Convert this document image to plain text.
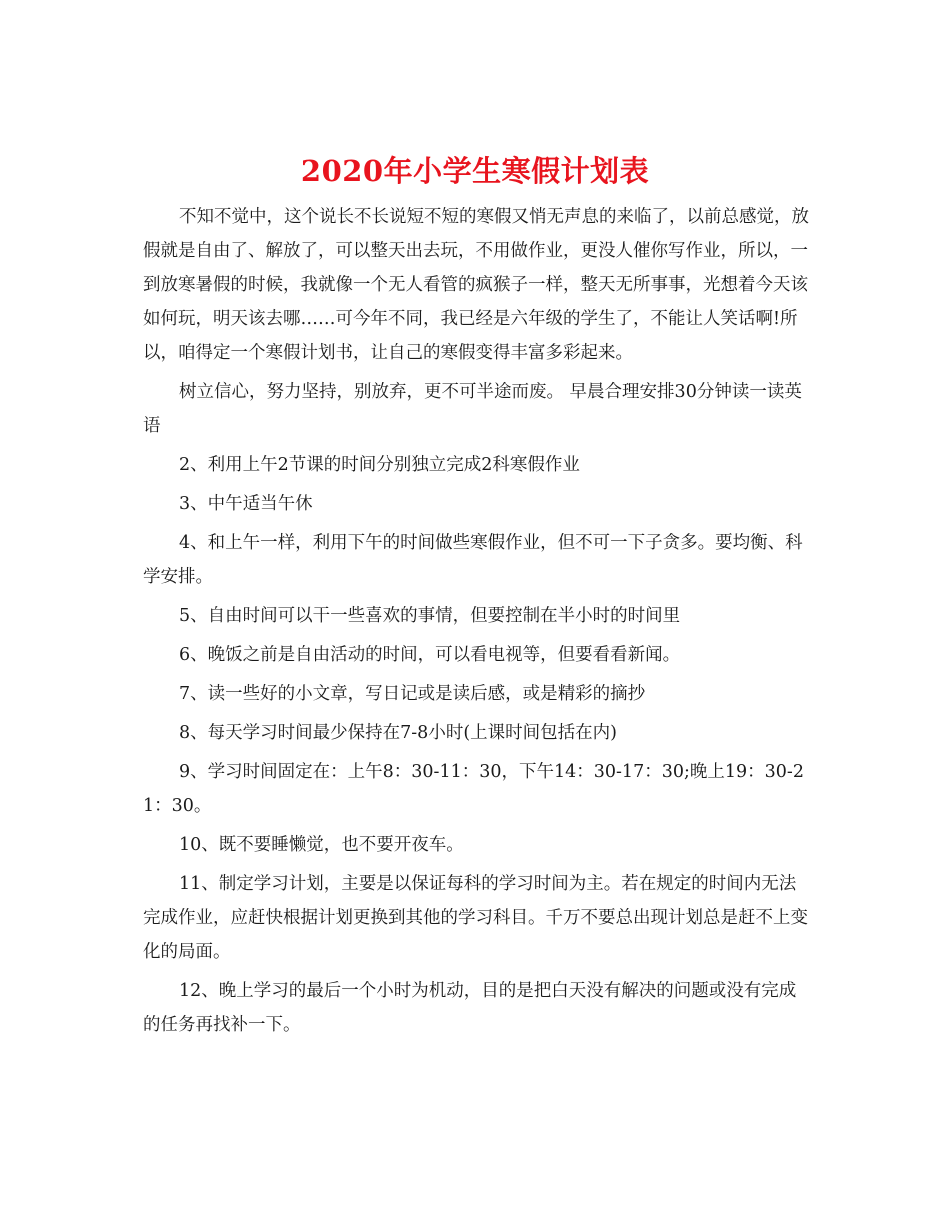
2020年小学生寒假计划表

不知不觉中，这个说长不长说短不短的寒假又悄无声息的来临了，以前总感觉，放假就是自由了、解放了，可以整天出去玩，不用做作业，更没人催你写作业，所以，一到放寒暑假的时候，我就像一个无人看管的疯猴子一样，整天无所事事，光想着今天该如何玩，明天该去哪……可今年不同，我已经是六年级的学生了，不能让人笑话啊!所以，咱得定一个寒假计划书，让自己的寒假变得丰富多彩起来。

树立信心，努力坚持，别放弃，更不可半途而废。 早晨合理安排30分钟读一读英语

2、利用上午2节课的时间分别独立完成2科寒假作业

3、中午适当午休

4、和上午一样，利用下午的时间做些寒假作业，但不可一下子贪多。要均衡、科学安排。

5、自由时间可以干一些喜欢的事情，但要控制在半小时的时间里

6、晚饭之前是自由活动的时间，可以看电视等，但要看看新闻。

7、读一些好的小文章，写日记或是读后感，或是精彩的摘抄

8、每天学习时间最少保持在7-8小时(上课时间包括在内)

9、学习时间固定在：上午8：30-11：30，下午14：30-17：30;晚上19：30-21：30。

10、既不要睡懒觉，也不要开夜车。

11、制定学习计划，主要是以保证每科的学习时间为主。若在规定的时间内无法完成作业，应赶快根据计划更换到其他的学习科目。千万不要总出现计划总是赶不上变化的局面。

12、晚上学习的最后一个小时为机动，目的是把白天没有解决的问题或没有完成的任务再找补一下。
